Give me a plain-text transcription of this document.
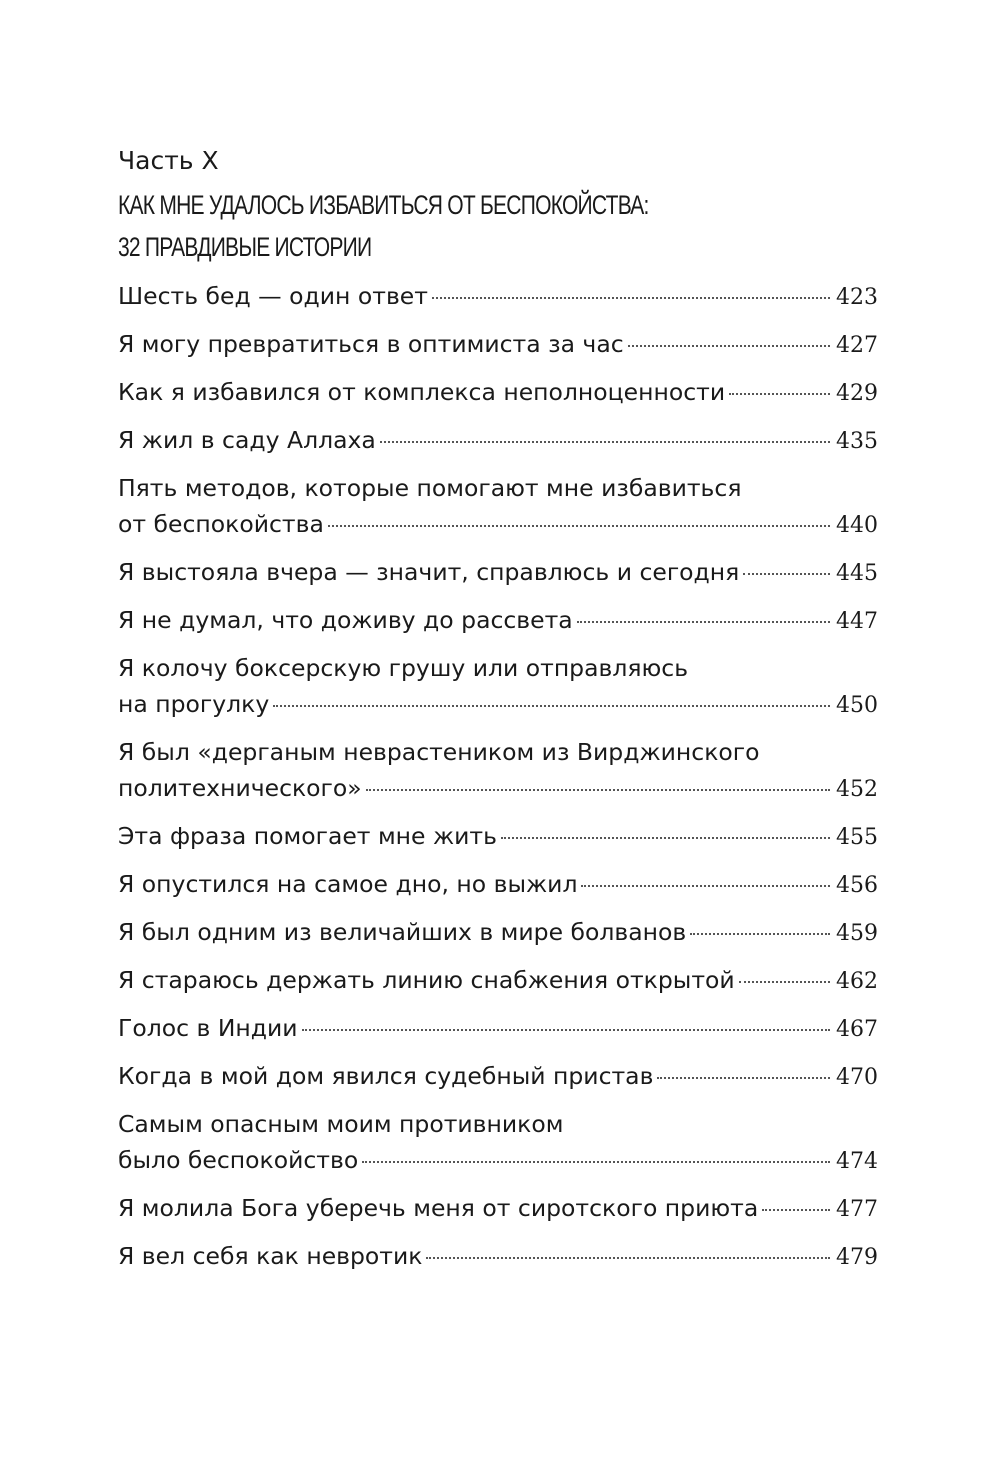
Часть X

КАК МНЕ УДАЛОСЬ ИЗБАВИТЬСЯ ОТ БЕСПОКОЙСТВА:
32 ПРАВДИВЫЕ ИСТОРИИ
Шесть бед — один ответ	423
Я могу превратиться в оптимиста за час	427
Как я избавился от комплекса неполноценности	429
Я жил в саду Аллаха	435
Пять методов, которые помогают мне избавиться
от беспокойства	440
Я выстояла вчера — значит, справлюсь и сегодня	445
Я не думал, что доживу до рассвета	447
Я колочу боксерскую грушу или отправляюсь
на прогулку	450
Я был «дерганым неврастеником из Вирджинского
политехнического»	452
Эта фраза помогает мне жить	455
Я опустился на самое дно, но выжил	456
Я был одним из величайших в мире болванов	459
Я стараюсь держать линию снабжения открытой	462
Голос в Индии	467
Когда в мой дом явился судебный пристав	470
Самым опасным моим противником
было беспокойство	474
Я молила Бога уберечь меня от сиротского приюта	477
Я вел себя как невротик	479
